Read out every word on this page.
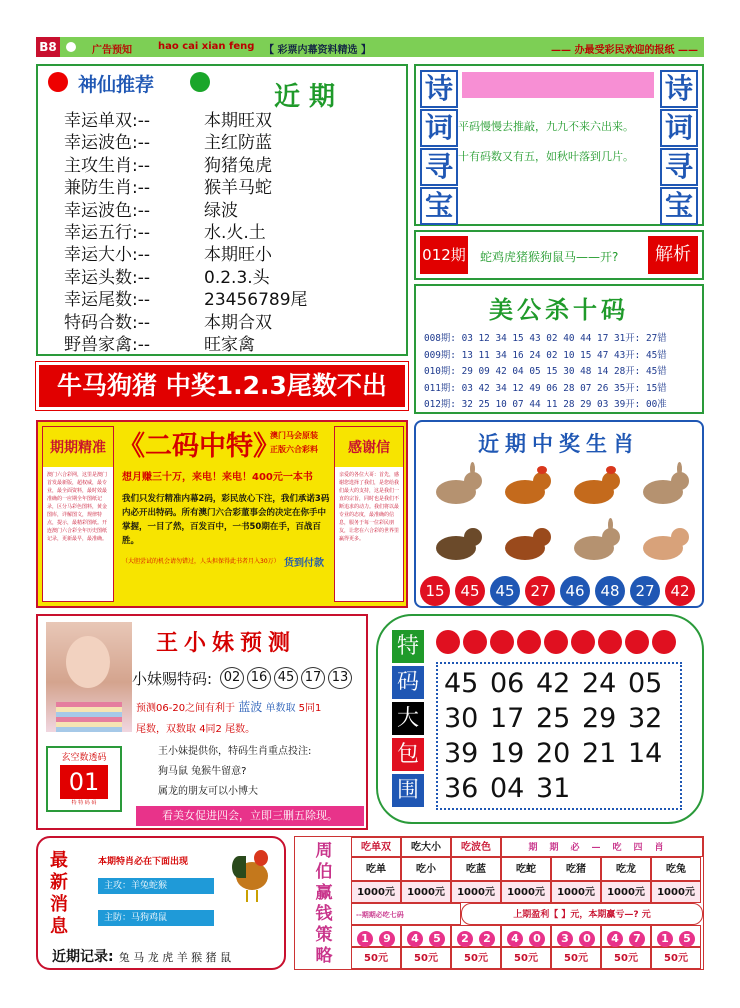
B8	广告预知	hao cai xian feng 【 彩票内幕资料精选 】	—— 办最受彩民欢迎的报纸 ——
神仙推荐	近 期
幸运单双:--	本期旺双
幸运波色:--	主红防蓝
主攻生肖:--	狗猪兔虎
兼防生肖:--	猴羊马蛇
幸运波色:--	绿波
幸运五行:--	水.火.土
幸运大小:--	本期旺小
幸运头数:--	0.2.3.头
幸运尾数:--	23456789尾
特码合数:--	本期合双
野兽家禽:--	旺家禽
牛马狗猪 中奖1.2.3尾数不出
诗
词
寻
宝
诗
词
寻
宝
平码慢慢去推敲，九九不来六出来。
十有码数又有五，如秋叶落到几片。
012期 蛇鸡虎猪猴狗鼠马——开?	解析
美公杀十码
008期: 03 12 34 15 43 02 40 44 17 31开: 27错
009期: 13 11 34 16 24 02 10 15 47 43开: 45错
010期: 29 09 42 04 05 15 30 48 14 28开: 45错
011期: 03 42 34 12 49 06 28 07 26 35开: 15错
012期: 32 25 10 07 44 11 28 29 03 39开: 00准
期期精准
澳门六合彩网，这里是澳门首发最新版，超权威，最专业，最全面资料，最时效最准确的一应期全年图纸记录，区分马彩色图料，黄金图库，详解图文，规律特点，提示，最精彩图纸。开连澳门六合彩全年历史图纸记录，更新最早，最准确。
《二码中特》
澳门马会原装
正版六合彩料
想月赚三十万，来电！来电！400元一本书
我们只发行精准内幕2码，彩民放心下注，我们承诺3码内必开出特码。所有澳门六合彩董事会的决定在你手中掌握，一目了然，百发百中，一书50期在手，百战百胜。
（大胆尝试的机会请勿错过，人头担保得此书者月入30万） 货到付款
感谢信
亲爱的各位大哥：首先，感谢您选择了我们，是您给我们最大的支持，这是我们一直的宗旨，同时也是我们不断追求的动力。我们将以最专业的态度，最准确的信息，服务于每一位彩民朋友，让您在六合彩的世界里赢得更多。
近期中奖生肖
15 45 45 27 46 48 27 42
王小妹预测
小妹赐特码: 02 16 45 17 13
预测06-20之间有利于 蓝波 单数取 5同1
尾数，双数取 4同2 尾数。
王小妹提供你，特码生肖重点投注:
狗马鼠 兔猴牛留意?
属龙的朋友可以小博大
玄空数透码
01
特 特 码 码
看美女促进四会，立即三删五除现。
特
码
大
包
围
45 06 42 24 05
30 17 25 29 32
39 19 20 21 14
36 04 31
最新消息
本期特肖必在下面出现
主攻：羊兔蛇猴
主防：马狗鸡鼠
近期记录: 兔 马 龙 虎 羊 猴 猪 鼠
周
伯
赢
钱
策
略
吃单双	吃大小	吃波色	期 期 必 — 吃 四 肖
吃单	吃小	吃蓝	吃蛇	吃猪	吃龙	吃兔
1000元	1000元	1000元	1000元	1000元	1000元	1000元
--期期必吃七码	上期盈利【 】元，本期赢亏—? 元
1 9	4 5	2 2	4 0	3 0	4 7	1 5
50元	50元	50元	50元	50元	50元	50元
